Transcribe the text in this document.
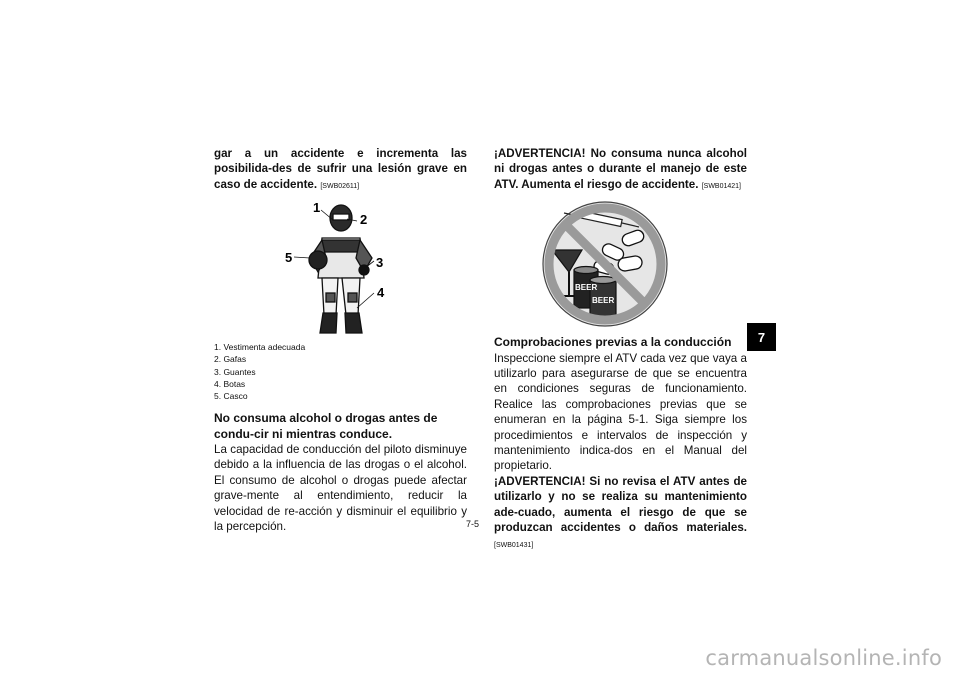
gar a un accidente e incrementa las posibilida-des de sufrir una lesión grave en caso de accidente. [SWB02611]

1
2
3
4
5
1. Vestimenta adecuada
2. Gafas
3. Guantes
4. Botas
5. Casco
No consuma alcohol o drogas antes de condu-cir ni mientras conduce.

La capacidad de conducción del piloto disminuye debido a la influencia de las drogas o el alcohol. El consumo de alcohol o drogas puede afectar grave-mente al entendimiento, reducir la velocidad de re-acción y disminuir el equilibrio y la percepción.

¡ADVERTENCIA! No consuma nunca alcohol ni drogas antes o durante el manejo de este ATV. Aumenta el riesgo de accidente. [SWB01421]

BEER
BEER
Comprobaciones previas a la conducción

Inspeccione siempre el ATV cada vez que vaya a utilizarlo para asegurarse de que se encuentra en condiciones seguras de funcionamiento. Realice las comprobaciones previas que se enumeran en la página 5-1. Siga siempre los procedimientos e intervalos de inspección y mantenimiento indica-dos en el Manual del propietario.

¡ADVERTENCIA! Si no revisa el ATV antes de utilizarlo y no se realiza su mantenimiento ade-cuado, aumenta el riesgo de que se produzcan accidentes o daños materiales. [SWB01431]

7
7-5
carmanualsonline.info
